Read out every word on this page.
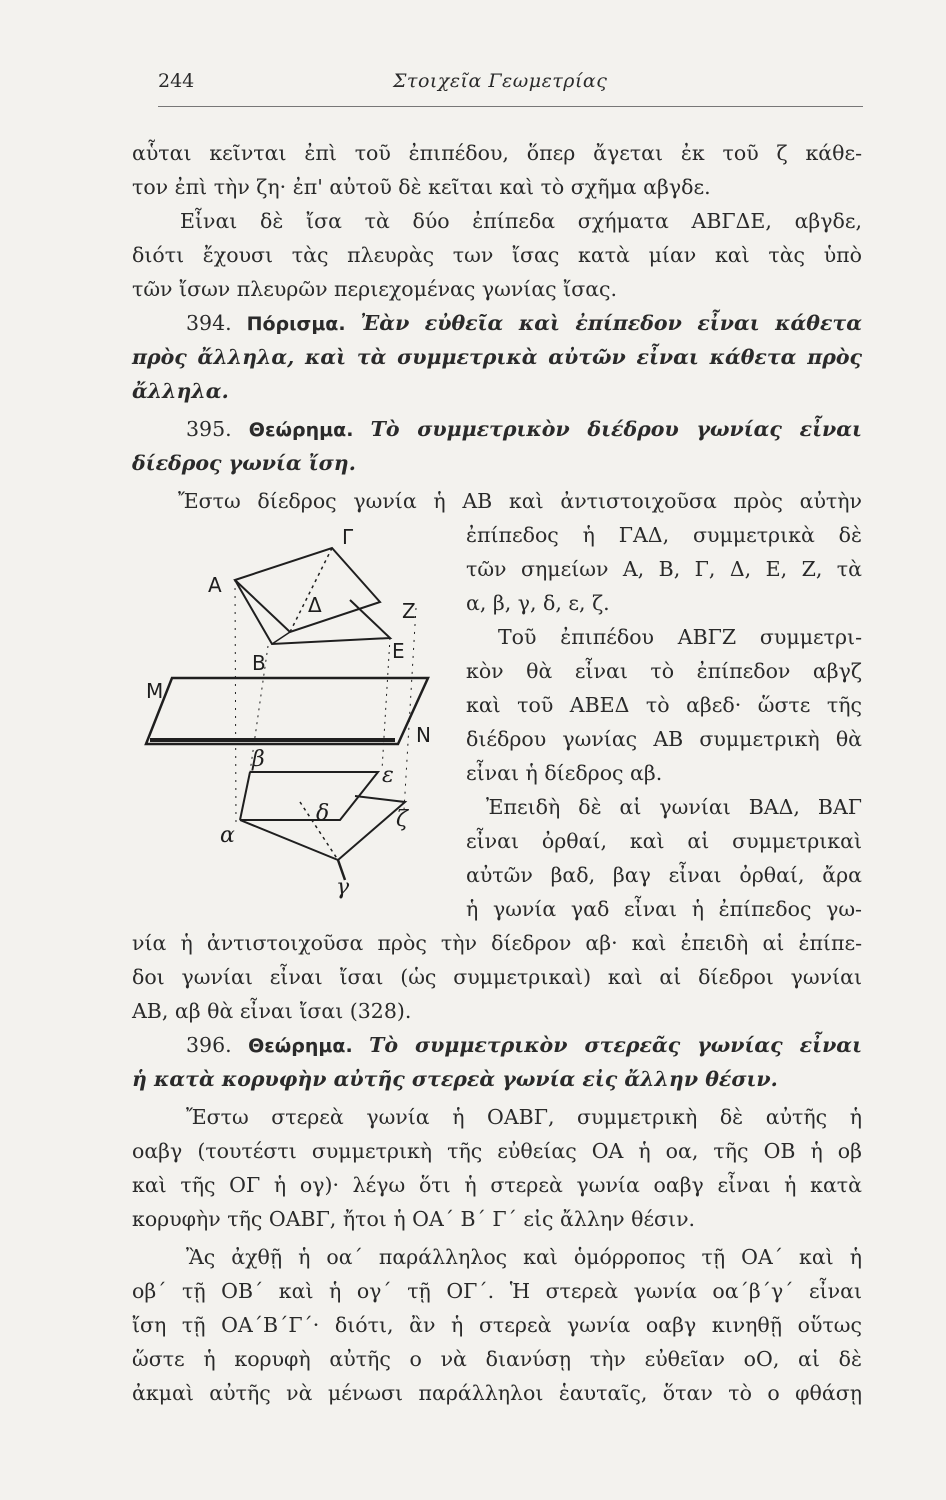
244	Στοιχεῖα Γεωμετρίας
αὗται κεῖνται ἐπὶ τοῦ ἐπιπέδου, ὅπερ ἄγεται ἐκ τοῦ ζ κάθε-
τον ἐπὶ τὴν ζη· ἐπ' αὐτοῦ δὲ κεῖται καὶ τὸ σχῆμα αβγδε.
Εἶναι δὲ ἴσα τὰ δύο ἐπίπεδα σχήματα ΑΒΓΔΕ, αβγδε,
διότι ἔχουσι τὰς πλευρὰς των ἴσας κατὰ μίαν καὶ τὰς ὑπὸ
τῶν ἴσων πλευρῶν περιεχομένας γωνίας ἴσας.
394. Πόρισμα. Ἐὰν εὐθεῖα καὶ ἐπίπεδον εἶναι κάθετα
πρὸς ἄλληλα, καὶ τὰ συμμετρικὰ αὐτῶν εἶναι κάθετα πρὸς
ἄλληλα.
395. Θεώρημα. Τὸ συμμετρικὸν διέδρου γωνίας εἶναι
δίεδρος γωνία ἴση.
Ἔστω δίεδρος γωνία ἡ ΑΒ καὶ ἀντιστοιχοῦσα πρὸς αὐτὴν
ἐπίπεδος ἡ ΓΑΔ, συμμετρικὰ δὲ
τῶν σημείων Α, Β, Γ, Δ, Ε, Ζ, τὰ
α, β, γ, δ, ε, ζ.
Τοῦ ἐπιπέδου ΑΒΓΖ συμμετρι-
κὸν θὰ εἶναι τὸ ἐπίπεδον αβγζ
καὶ τοῦ ΑΒΕΔ τὸ αβεδ· ὥστε τῆς
διέδρου γωνίας ΑΒ συμμετρικὴ θὰ
εἶναι ἡ δίεδρος αβ.
Ἐπειδὴ δὲ αἱ γωνίαι ΒΑΔ, ΒΑΓ
εἶναι ὀρθαί, καὶ αἱ συμμετρικαὶ
αὐτῶν βαδ, βαγ εἶναι ὀρθαί, ἄρα
ἡ γωνία γαδ εἶναι ἡ ἐπίπεδος γω-
νία ἡ ἀντιστοιχοῦσα πρὸς τὴν δίεδρον αβ· καὶ ἐπειδὴ αἱ ἐπίπε-
δοι γωνίαι εἶναι ἴσαι (ὡς συμμετρικαὶ) καὶ αἱ δίεδροι γωνίαι
ΑΒ, αβ θὰ εἶναι ἴσαι (328).
396. Θεώρημα. Τὸ συμμετρικὸν στερεᾶς γωνίας εἶναι
ἡ κατὰ κορυφὴν αὐτῆς στερεὰ γωνία εἰς ἄλλην θέσιν.
Ἔστω στερεὰ γωνία ἡ ΟΑΒΓ, συμμετρικὴ δὲ αὐτῆς ἡ
οαβγ (τουτέστι συμμετρικὴ τῆς εὐθείας ΟΑ ἡ οα, τῆς ΟΒ ἡ οβ
καὶ τῆς ΟΓ ἡ ογ)· λέγω ὅτι ἡ στερεὰ γωνία οαβγ εἶναι ἡ κατὰ
κορυφὴν τῆς ΟΑΒΓ, ἤτοι ἡ ΟΑ΄ Β΄ Γ΄ εἰς ἄλλην θέσιν.
Ἂς ἀχθῇ ἡ οα΄ παράλληλος καὶ ὁμόρροπος τῇ ΟΑ΄ καὶ ἡ
οβ΄ τῇ ΟΒ΄ καὶ ἡ ογ΄ τῇ ΟΓ΄. Ἡ στερεὰ γωνία οα΄β΄γ΄ εἶναι
ἴση τῇ ΟΑ΄Β΄Γ΄· διότι, ἂν ἡ στερεὰ γωνία οαβγ κινηθῇ οὕτως
ὥστε ἡ κορυφὴ αὐτῆς ο νὰ διανύσῃ τὴν εὐθεῖαν οΟ, αἱ δὲ
ἀκμαὶ αὐτῆς νὰ μένωσι παράλληλοι ἑαυταῖς, ὅταν τὸ ο φθάσῃ
Α
Γ
Δ	Z
Β	Ε
M
N
β
ε
δ	ζ
α
γ
